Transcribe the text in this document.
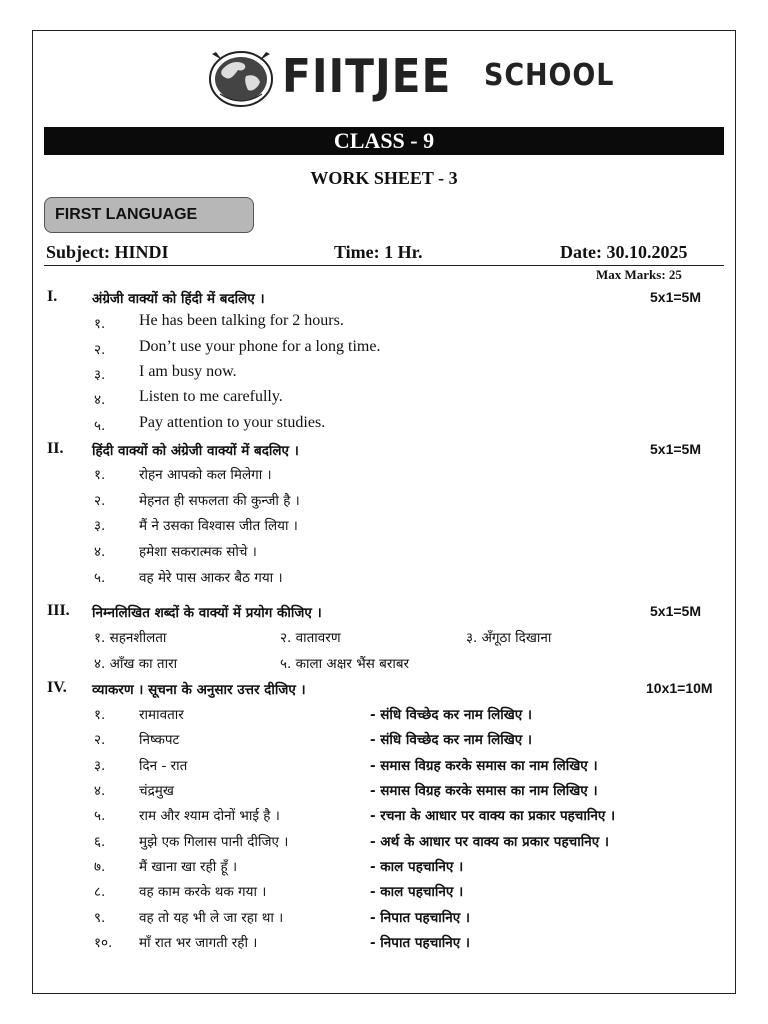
FIITJEE SCHOOL
CLASS - 9
WORK SHEET - 3
FIRST LANGUAGE
Subject: HINDI	Time: 1 Hr.	Date: 30.10.2025
Max Marks: 25
I.	अंग्रेजी वाक्यों को हिंदी में बदलिए ।	5x1=5M
१. He has been talking for 2 hours.
२. Don’t use your phone for a long time.
३. I am busy now.
४. Listen to me carefully.
५. Pay attention to your studies.
II. हिंदी वाक्यों को अंग्रेजी वाक्यों में बदलिए ।	5x1=5M
१. रोहन आपको कल मिलेगा ।
२. मेहनत ही सफलता की कुन्जी है ।
३. मैं ने उसका विश्वास जीत लिया ।
४. हमेशा सकरात्मक सोचे ।
५. वह मेरे पास आकर बैठ गया ।
III. निम्नलिखित शब्दों के वाक्यों में प्रयोग कीजिए ।	5x1=5M
१. सहनशीलता	२. वातावरण	३. अँगूठा दिखाना
४. आँख का तारा	५. काला अक्षर भैंस बराबर
IV. व्याकरण । सूचना के अनुसार उत्तर दीजिए ।	10x1=10M
१. रामावतार	- संधि विच्छेद कर नाम लिखिए ।
२. निष्कपट	- संधि विच्छेद कर नाम लिखिए ।
३. दिन - रात	- समास विग्रह करके समास का नाम लिखिए ।
४. चंद्रमुख	- समास विग्रह करके समास का नाम लिखिए ।
५. राम और श्याम दोनों भाई है ।	- रचना के आधार पर वाक्य का प्रकार पहचानिए ।
६. मुझे एक गिलास पानी दीजिए ।	- अर्थ के आधार पर वाक्य का प्रकार पहचानिए ।
७. मैं खाना खा रही हूँ ।	- काल पहचानिए ।
८. वह काम करके थक गया ।	- काल पहचानिए ।
९. वह तो यह भी ले जा रहा था ।	- निपात पहचानिए ।
१०. माँ रात भर जागती रही ।	- निपात पहचानिए ।
